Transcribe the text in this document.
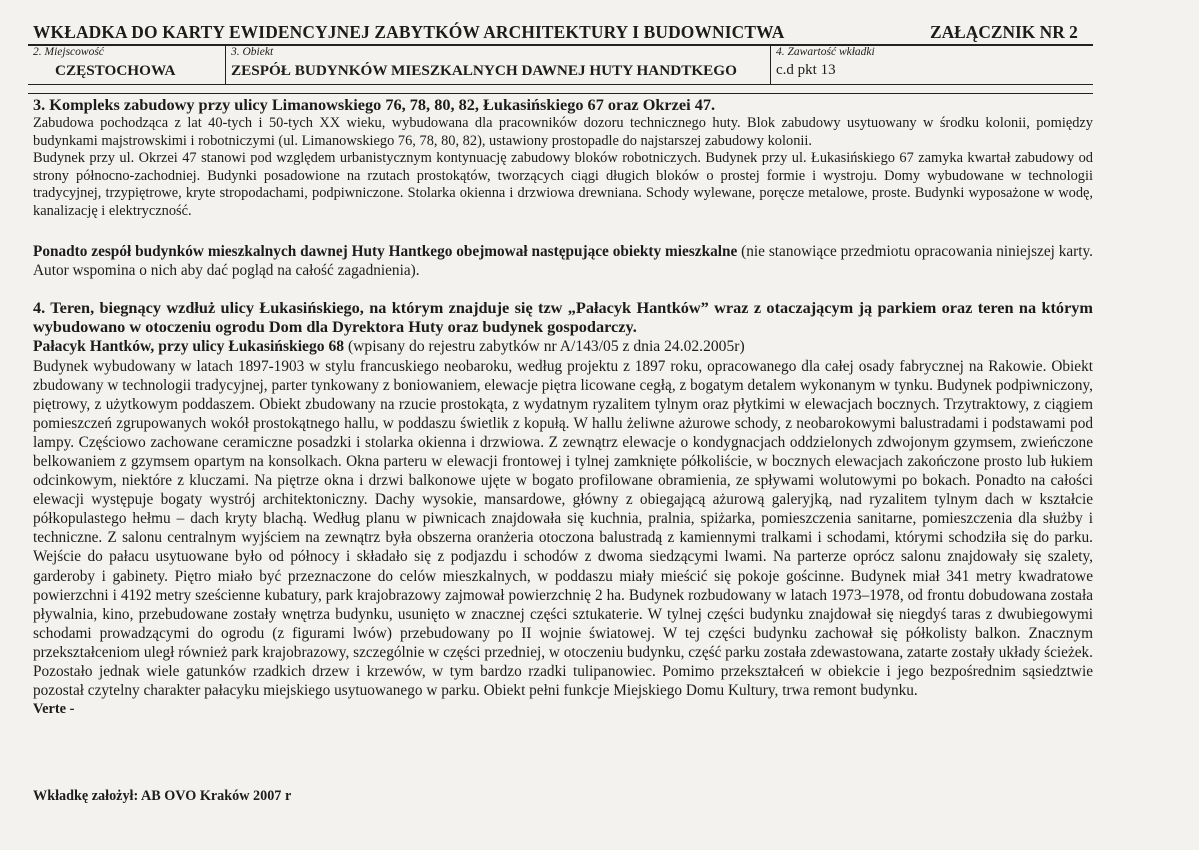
WKŁADKA DO KARTY EWIDENCYJNEJ ZABYTKÓW ARCHITEKTURY I BUDOWNICTWA	ZAŁĄCZNIK NR 2
2. Miejscowość
CZĘSTOCHOWA
3. Obiekt
ZESPÓŁ BUDYNKÓW MIESZKALNYCH DAWNEJ HUTY HANDTKEGO
4. Zawartość wkładki
c.d pkt 13

3. Kompleks zabudowy przy ulicy Limanowskiego 76, 78, 80, 82, Łukasińskiego 67 oraz Okrzei 47.

Zabudowa pochodząca z lat 40-tych i 50-tych XX wieku, wybudowana dla pracowników dozoru technicznego huty. Blok zabudowy usytuowany w środku kolonii, pomiędzy budynkami majstrowskimi i robotniczymi (ul. Limanowskiego 76, 78, 80, 82), ustawiony prostopadle do najstarszej zabudowy kolonii.

Budynek przy ul. Okrzei 47 stanowi pod względem urbanistycznym kontynuację zabudowy bloków robotniczych. Budynek przy ul. Łukasińskiego 67 zamyka kwartał zabudowy od strony północno-zachodniej. Budynki posadowione na rzutach prostokątów, tworzących ciągi długich bloków o prostej formie i wystroju. Domy wybudowane w technologii tradycyjnej, trzypiętrowe, kryte stropodachami, podpiwniczone. Stolarka okienna i drzwiowa drewniana. Schody wylewane, poręcze metalowe, proste. Budynki wyposażone w wodę, kanalizację i elektryczność.

Ponadto zespół budynków mieszkalnych dawnej Huty Hantkego obejmował następujące obiekty mieszkalne (nie stanowiące przedmiotu opracowania niniejszej karty. Autor wspomina o nich aby dać pogląd na całość zagadnienia).

4. Teren, biegnący wzdłuż ulicy Łukasińskiego, na którym znajduje się tzw „Pałacyk Hantków” wraz z otaczającym ją parkiem oraz teren na którym wybudowano w otoczeniu ogrodu Dom dla Dyrektora Huty oraz budynek gospodarczy.

Pałacyk Hantków, przy ulicy Łukasińskiego 68 (wpisany do rejestru zabytków nr A/143/05 z dnia 24.02.2005r)

Budynek wybudowany w latach 1897-1903 w stylu francuskiego neobaroku, według projektu z 1897 roku, opracowanego dla całej osady fabrycznej na Rakowie. Obiekt zbudowany w technologii tradycyjnej, parter tynkowany z boniowaniem, elewacje piętra licowane cegłą, z bogatym detalem wykonanym w tynku. Budynek podpiwniczony, piętrowy, z użytkowym poddaszem. Obiekt zbudowany na rzucie prostokąta, z wydatnym ryzalitem tylnym oraz płytkimi w elewacjach bocznych. Trzytraktowy, z ciągiem pomieszczeń zgrupowanych wokół prostokątnego hallu, w poddaszu świetlik z kopułą. W hallu żeliwne ażurowe schody, z neobarokowymi balustradami i podstawami pod lampy. Częściowo zachowane ceramiczne posadzki i stolarka okienna i drzwiowa. Z zewnątrz elewacje o kondygnacjach oddzielonych zdwojonym gzymsem, zwieńczone belkowaniem z gzymsem opartym na konsolkach. Okna parteru w elewacji frontowej i tylnej zamknięte półkoliście, w bocznych elewacjach zakończone prosto lub łukiem odcinkowym, niektóre z kluczami. Na piętrze okna i drzwi balkonowe ujęte w bogato profilowane obramienia, ze spływami wolutowymi po bokach. Ponadto na całości elewacji występuje bogaty wystrój architektoniczny. Dachy wysokie, mansardowe, główny z obiegającą ażurową galeryjką, nad ryzalitem tylnym dach w kształcie półkopulastego hełmu – dach kryty blachą. Według planu w piwnicach znajdowała się kuchnia, pralnia, spiżarka, pomieszczenia sanitarne, pomieszczenia dla służby i techniczne. Z salonu centralnym wyjściem na zewnątrz była obszerna oranżeria otoczona balustradą z kamiennymi tralkami i schodami, którymi schodziła się do parku. Wejście do pałacu usytuowane było od północy i składało się z podjazdu i schodów z dwoma siedzącymi lwami. Na parterze oprócz salonu znajdowały się szalety, garderoby i gabinety. Piętro miało być przeznaczone do celów mieszkalnych, w poddaszu miały mieścić się pokoje gościnne. Budynek miał 341 metry kwadratowe powierzchni i 4192 metry sześcienne kubatury, park krajobrazowy zajmował powierzchnię 2 ha. Budynek rozbudowany w latach 1973–1978, od frontu dobudowana została pływalnia, kino, przebudowane zostały wnętrza budynku, usunięto w znacznej części sztukaterie. W tylnej części budynku znajdował się niegdyś taras z dwubiegowymi schodami prowadzącymi do ogrodu (z figurami lwów) przebudowany po II wojnie światowej. W tej części budynku zachował się półkolisty balkon. Znacznym przekształceniom uległ również park krajobrazowy, szczególnie w części przedniej, w otoczeniu budynku, część parku została zdewastowana, zatarte zostały układy ścieżek. Pozostało jednak wiele gatunków rzadkich drzew i krzewów, w tym bardzo rzadki tulipanowiec. Pomimo przekształceń w obiekcie i jego bezpośrednim sąsiedztwie pozostał czytelny charakter pałacyku miejskiego usytuowanego w parku. Obiekt pełni funkcje Miejskiego Domu Kultury, trwa remont budynku.

Verte -

Wkładkę założył: AB OVO Kraków 2007 r
